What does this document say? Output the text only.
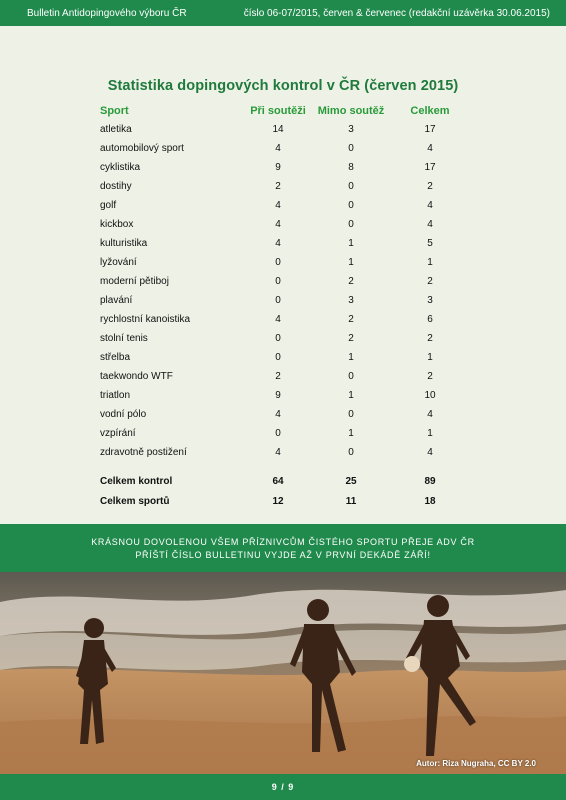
Bulletin Antidopingového výboru ČR	číslo 06-07/2015, červen & červenec (redakční uzávěrka 30.06.2015)
Statistika dopingových kontrol v ČR (červen 2015)
Sport	Při soutěži	Mimo soutěž	Celkem
atletika	14	3	17
automobilový sport	4	0	4
cyklistika	9	8	17
dostihy	2	0	2
golf	4	0	4
kickbox	4	0	4
kulturistika	4	1	5
lyžování	0	1	1
moderní pětiboj	0	2	2
plavání	0	3	3
rychlostní kanoistika	4	2	6
stolní tenis	0	2	2
střelba	0	1	1
taekwondo WTF	2	0	2
triatlon	9	1	10
vodní pólo	4	0	4
vzpírání	0	1	1
zdravotně postižení	4	0	4

Celkem kontrol	64	25	89
Celkem sportů	12	11	18
KRÁSNOU DOVOLENOU VŠEM PŘÍZNIVCŮM ČISTÉHO SPORTU PŘEJE ADV ČR
PŘÍŠTÍ ČÍSLO BULLETINU VYJDE AŽ V PRVNÍ DEKÁDĚ ZÁŘÍ!
Autor: Riza Nugraha, CC BY 2.0
9 / 9
